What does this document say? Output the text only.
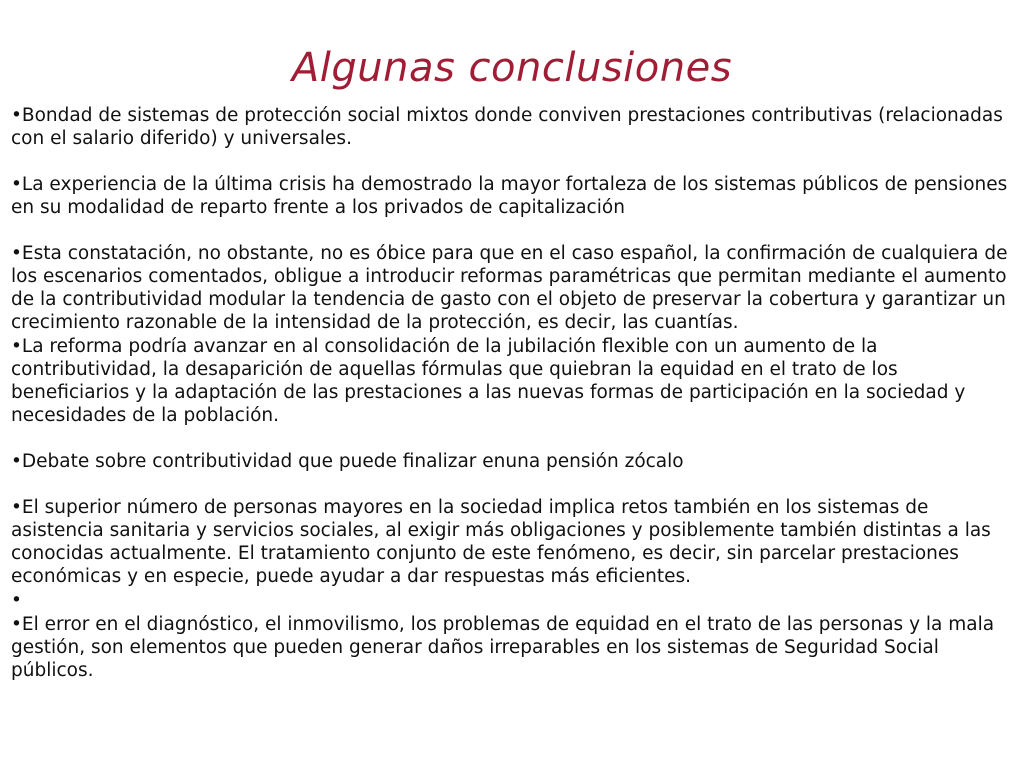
Algunas conclusiones
•Bondad de sistemas de protección social mixtos donde conviven prestaciones contributivas (relacionadas con el salario diferido) y universales.
•La experiencia de la última crisis ha demostrado la mayor fortaleza de los sistemas públicos de pensiones en su modalidad de reparto frente a los privados de capitalización
•Esta constatación, no obstante, no es óbice para que en el caso español, la confirmación de cualquiera de los escenarios comentados, obligue a introducir reformas paramétricas que permitan mediante el aumento de la contributividad modular la tendencia de gasto con el objeto de preservar la cobertura y garantizar un crecimiento razonable de la intensidad de la protección, es decir, las cuantías.
•La reforma podría avanzar en al consolidación de la jubilación flexible con un aumento de la contributividad, la desaparición de aquellas fórmulas que quiebran la equidad en el trato de los beneficiarios y la adaptación de las prestaciones a las nuevas formas de participación en la sociedad y necesidades de la población.
•Debate sobre contributividad que puede finalizar enuna pensión zócalo
•El superior número de personas mayores en la sociedad implica retos también en los sistemas de asistencia sanitaria y servicios sociales, al exigir más obligaciones y posiblemente también distintas a las conocidas actualmente. El tratamiento conjunto de este fenómeno, es decir, sin parcelar prestaciones económicas y en especie, puede ayudar a dar respuestas más eficientes.
•
•El error en el diagnóstico, el inmovilismo, los problemas de equidad en el trato de las personas y la mala gestión, son elementos que pueden generar daños irreparables en los sistemas de Seguridad Social públicos.
